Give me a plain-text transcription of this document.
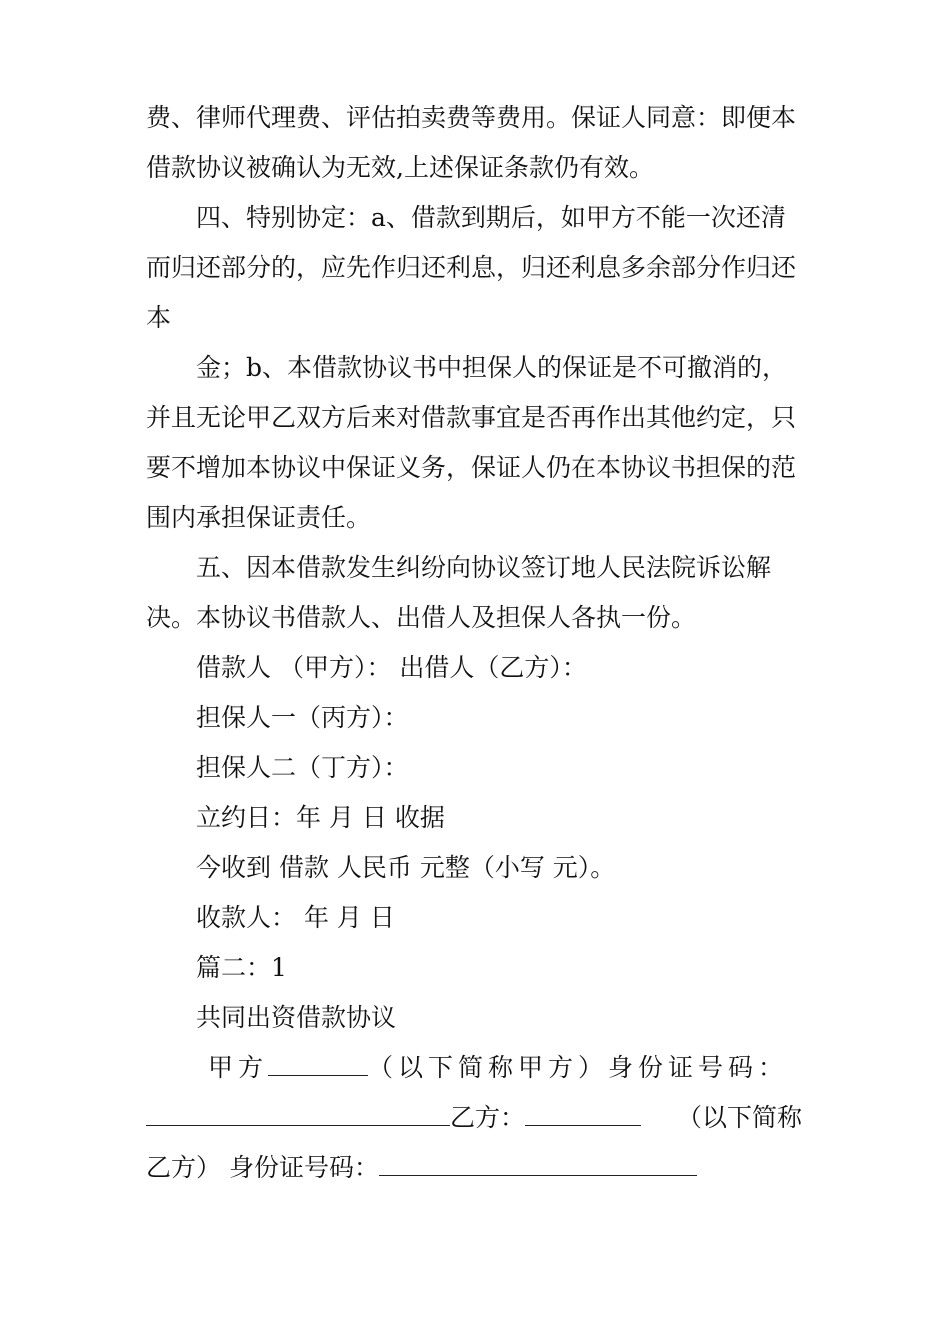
费、律师代理费、评估拍卖费等费用。保证人同意：即便本
借款协议被确认为无效,上述保证条款仍有效。
四、特别协定：a、借款到期后，如甲方不能一次还清
而归还部分的，应先作归还利息，归还利息多余部分作归还
本
金；b、本借款协议书中担保人的保证是不可撤消的，
并且无论甲乙双方后来对借款事宜是否再作出其他约定，只
要不增加本协议中保证义务，保证人仍在本协议书担保的范
围内承担保证责任。
五、因本借款发生纠纷向协议签订地人民法院诉讼解
决。本协议书借款人、出借人及担保人各执一份。
借款人 （甲方）： 出借人（乙方）：
担保人一（丙方）：
担保人二（丁方）：
立约日：年 月 日 收据
今收到 借款 人民币 元整（小写 元）。
收款人： 年 月 日
篇二：1
共同出资借款协议
甲方	（以下简称甲方）身份证号码：
乙方：	（以下简称
乙方） 身份证号码：
